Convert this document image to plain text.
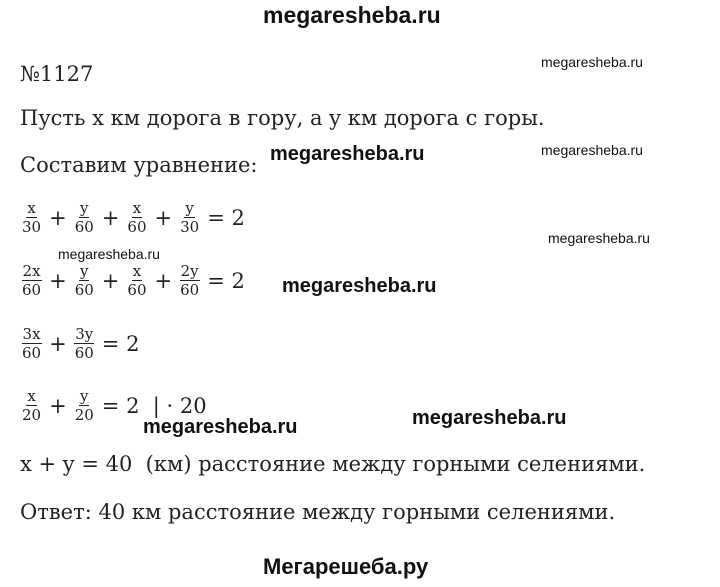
megaresheba.ru
№1127	megaresheba.ru
Пусть x км дорога в гору, а y км дорога с горы.
Составим уравнение: megaresheba.ru	megaresheba.ru
$\frac{x}{30} + \frac{y}{60} + \frac{x}{60} + \frac{y}{30} = 2$
megaresheba.ru
megaresheba.ru
$\frac{2x}{60} + \frac{y}{60} + \frac{x}{60} + \frac{2y}{60} = 2$	megaresheba.ru
$\frac{3x}{60} + \frac{3y}{60} = 2$
$\frac{x}{20} + \frac{y}{20} = 2$  | · 20
megaresheba.ru
megaresheba.ru
x + y = 40  (км) расстояние между горными селениями.
Ответ: 40 км расстояние между горными селениями.
Мегарешеба.ру
